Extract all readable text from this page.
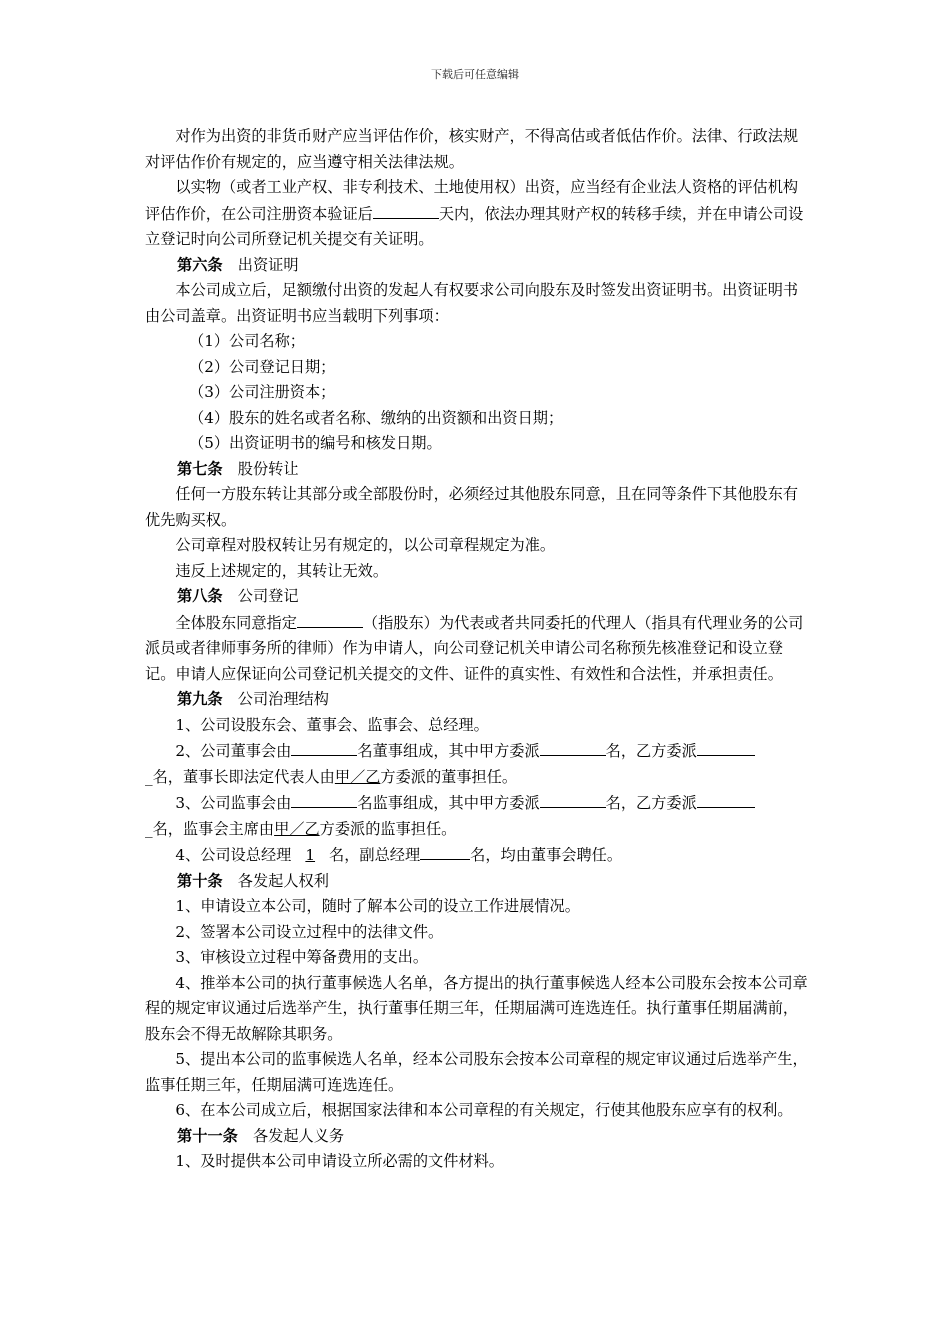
下载后可任意编辑

对作为出资的非货币财产应当评估作价，核实财产，不得高估或者低估作价。法律、行政法规对评估作价有规定的，应当遵守相关法律法规。

以实物（或者工业产权、非专利技术、土地使用权）出资，应当经有企业法人资格的评估机构评估作价，在公司注册资本验证后	天内，依法办理其财产权的转移手续，并在申请公司设立登记时向公司所登记机关提交有关证明。

第六条 出资证明

本公司成立后，足额缴付出资的发起人有权要求公司向股东及时签发出资证明书。出资证明书由公司盖章。出资证明书应当载明下列事项：

（1）公司名称；

（2）公司登记日期；

（3）公司注册资本；

（4）股东的姓名或者名称、缴纳的出资额和出资日期；

（5）出资证明书的编号和核发日期。

第七条 股份转让

任何一方股东转让其部分或全部股份时，必须经过其他股东同意，且在同等条件下其他股东有优先购买权。

公司章程对股权转让另有规定的，以公司章程规定为准。

违反上述规定的，其转让无效。

第八条 公司登记

全体股东同意指定	（指股东）为代表或者共同委托的代理人（指具有代理业务的公司派员或者律师事务所的律师）作为申请人，向公司登记机关申请公司名称预先核准登记和设立登记。申请人应保证向公司登记机关提交的文件、证件的真实性、有效性和合法性，并承担责任。

第九条 公司治理结构

1、公司设股东会、董事会、监事会、总经理。

2、公司董事会由	名董事组成，其中甲方委派	名，乙方委派

_名，董事长即法定代表人由甲／乙方委派的董事担任。

3、公司监事会由	名监事组成，其中甲方委派	名，乙方委派

_名，监事会主席由甲／乙方委派的监事担任。

4、公司设总经理 1 名，副总经理	名，均由董事会聘任。

第十条 各发起人权利

1、申请设立本公司，随时了解本公司的设立工作进展情况。

2、签署本公司设立过程中的法律文件。

3、审核设立过程中筹备费用的支出。

4、推举本公司的执行董事候选人名单，各方提出的执行董事候选人经本公司股东会按本公司章程的规定审议通过后选举产生，执行董事任期三年，任期届满可连选连任。执行董事任期届满前，股东会不得无故解除其职务。

5、提出本公司的监事候选人名单，经本公司股东会按本公司章程的规定审议通过后选举产生，监事任期三年，任期届满可连选连任。

6、在本公司成立后，根据国家法律和本公司章程的有关规定，行使其他股东应享有的权利。

第十一条 各发起人义务

1、及时提供本公司申请设立所必需的文件材料。
